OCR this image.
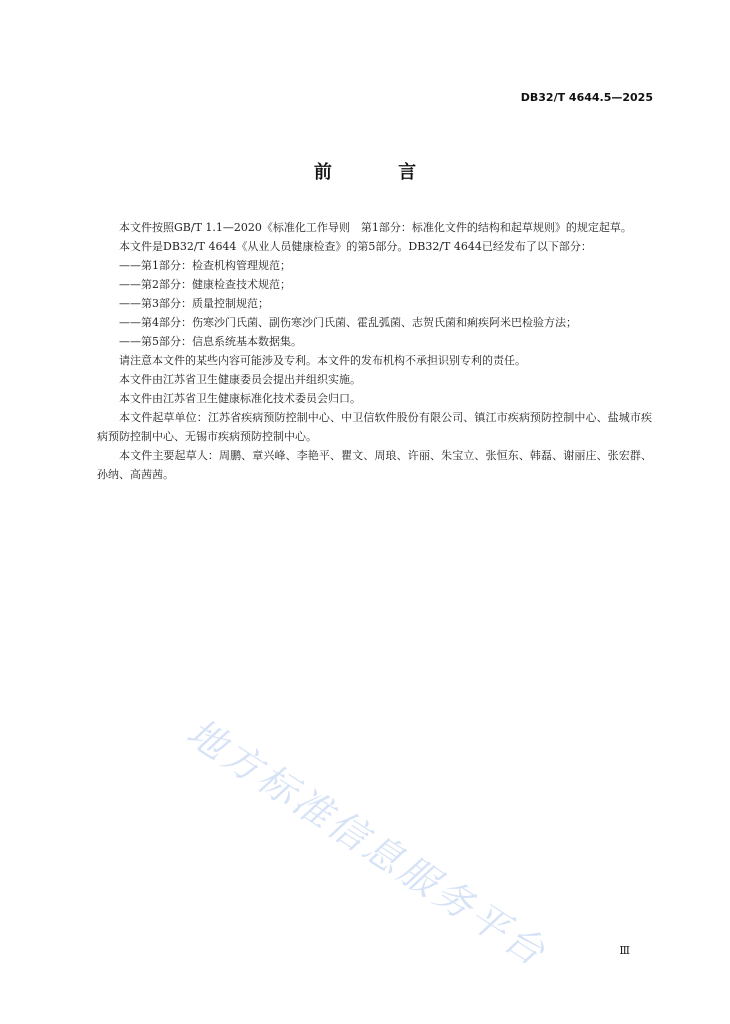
DB32/T 4644.5—2025
前 言

本文件按照GB/T 1.1—2020《标准化工作导则　第1部分：标准化文件的结构和起草规则》的规定起草。

本文件是DB32/T 4644《从业人员健康检查》的第5部分。DB32/T 4644已经发布了以下部分：

——第1部分：检查机构管理规范；

——第2部分：健康检查技术规范；

——第3部分：质量控制规范；

——第4部分：伤寒沙门氏菌、副伤寒沙门氏菌、霍乱弧菌、志贺氏菌和痢疾阿米巴检验方法；

——第5部分：信息系统基本数据集。

请注意本文件的某些内容可能涉及专利。本文件的发布机构不承担识别专利的责任。

本文件由江苏省卫生健康委员会提出并组织实施。

本文件由江苏省卫生健康标准化技术委员会归口。

本文件起草单位：江苏省疾病预防控制中心、中卫信软件股份有限公司、镇江市疾病预防控制中心、盐城市疾病预防控制中心、无锡市疾病预防控制中心。

本文件主要起草人：周鹏、章兴峰、李艳平、瞿文、周琅、许丽、朱宝立、张恒东、韩磊、谢丽庄、张宏群、孙纳、高茜茜。

地方标准信息服务平台	Ⅲ
